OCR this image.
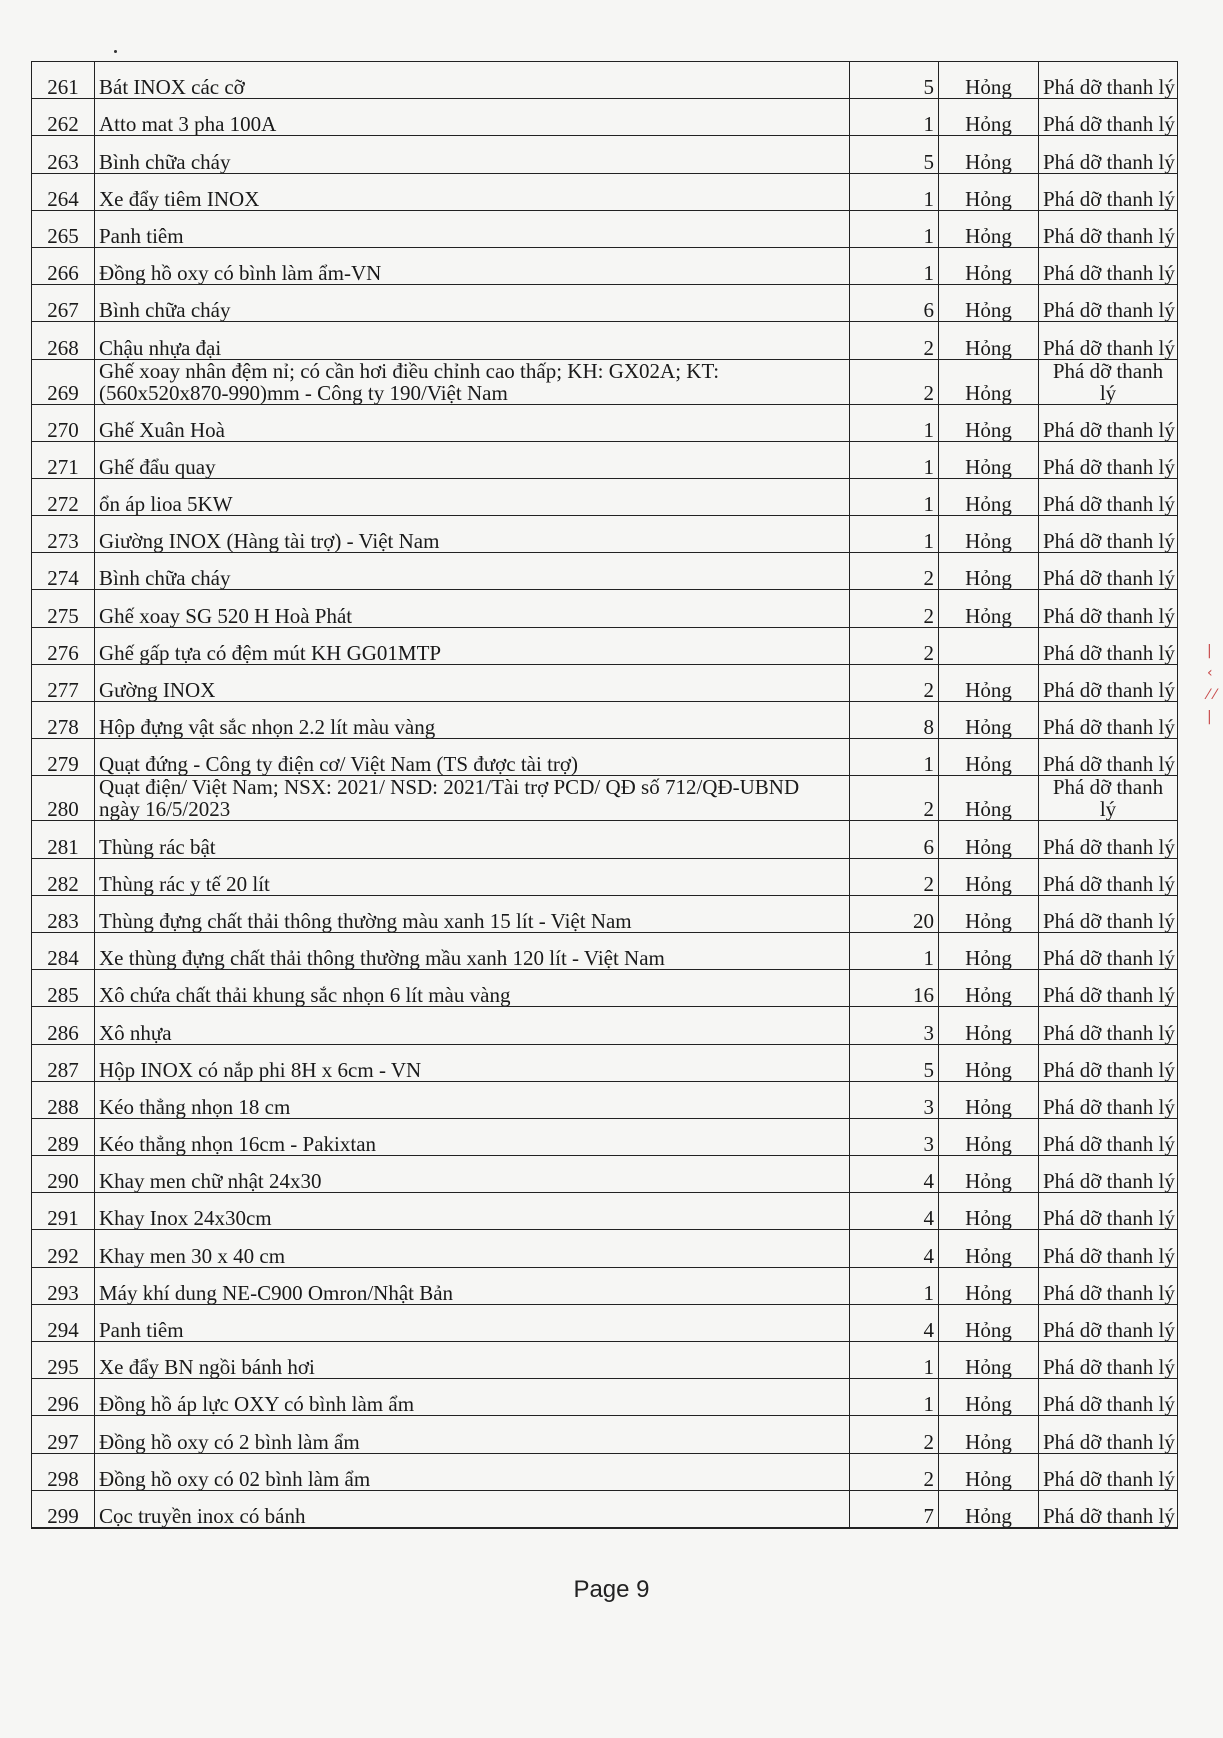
261	Bát INOX các cỡ	5	Hỏng	Phá dỡ thanh lý
262	Atto mat 3 pha 100A	1	Hỏng	Phá dỡ thanh lý
263	Bình chữa cháy	5	Hỏng	Phá dỡ thanh lý
264	Xe đẩy tiêm INOX	1	Hỏng	Phá dỡ thanh lý
265	Panh tiêm	1	Hỏng	Phá dỡ thanh lý
266	Đồng hồ oxy có bình làm ẩm-VN	1	Hỏng	Phá dỡ thanh lý
267	Bình chữa cháy	6	Hỏng	Phá dỡ thanh lý
268	Chậu nhựa đại	2	Hỏng	Phá dỡ thanh lý
269	Ghế xoay nhân đệm nỉ; có cần hơi điều chỉnh cao thấp; KH: GX02A; KT: (560x520x870-990)mm - Công ty 190/Việt Nam	2	Hỏng	Phá dỡ thanh lý
270	Ghế Xuân Hoà	1	Hỏng	Phá dỡ thanh lý
271	Ghế đẩu quay	1	Hỏng	Phá dỡ thanh lý
272	ổn áp lioa 5KW	1	Hỏng	Phá dỡ thanh lý
273	Giường INOX (Hàng tài trợ) - Việt Nam	1	Hỏng	Phá dỡ thanh lý
274	Bình chữa cháy	2	Hỏng	Phá dỡ thanh lý
275	Ghế xoay SG 520 H Hoà Phát	2	Hỏng	Phá dỡ thanh lý
276	Ghế gấp tựa có đệm mút KH GG01MTP	2		Phá dỡ thanh lý
277	Gường INOX	2	Hỏng	Phá dỡ thanh lý
278	Hộp đựng vật sắc nhọn 2.2 lít màu vàng	8	Hỏng	Phá dỡ thanh lý
279	Quạt đứng - Công ty điện cơ/ Việt Nam (TS được tài trợ)	1	Hỏng	Phá dỡ thanh lý
280	Quạt điện/ Việt Nam; NSX: 2021/ NSD: 2021/Tài trợ PCD/ QĐ số 712/QĐ-UBND ngày 16/5/2023	2	Hỏng	Phá dỡ thanh lý
281	Thùng rác bật	6	Hỏng	Phá dỡ thanh lý
282	Thùng rác y tế 20 lít	2	Hỏng	Phá dỡ thanh lý
283	Thùng đựng chất thải thông thường màu xanh 15 lít - Việt Nam	20	Hỏng	Phá dỡ thanh lý
284	Xe thùng đựng chất thải thông thường mầu xanh 120 lít - Việt Nam	1	Hỏng	Phá dỡ thanh lý
285	Xô chứa chất thải khung sắc nhọn 6 lít màu vàng	16	Hỏng	Phá dỡ thanh lý
286	Xô nhựa	3	Hỏng	Phá dỡ thanh lý
287	Hộp INOX có nắp phi 8H x 6cm - VN	5	Hỏng	Phá dỡ thanh lý
288	Kéo thẳng nhọn 18 cm	3	Hỏng	Phá dỡ thanh lý
289	Kéo thẳng nhọn 16cm - Pakixtan	3	Hỏng	Phá dỡ thanh lý
290	Khay men chữ nhật 24x30	4	Hỏng	Phá dỡ thanh lý
291	Khay Inox 24x30cm	4	Hỏng	Phá dỡ thanh lý
292	Khay men 30 x 40 cm	4	Hỏng	Phá dỡ thanh lý
293	Máy khí dung NE-C900 Omron/Nhật Bản	1	Hỏng	Phá dỡ thanh lý
294	Panh tiêm	4	Hỏng	Phá dỡ thanh lý
295	Xe đẩy BN ngồi bánh hơi	1	Hỏng	Phá dỡ thanh lý
296	Đồng hồ áp lực OXY có bình làm ẩm	1	Hỏng	Phá dỡ thanh lý
297	Đồng hồ oxy có 2 bình làm ẩm	2	Hỏng	Phá dỡ thanh lý
298	Đồng hồ oxy có 02 bình làm ẩm	2	Hỏng	Phá dỡ thanh lý
299	Cọc truyền inox có bánh	7	Hỏng	Phá dỡ thanh lý
Page 9
| ‹ ⁄ ⁄ |
